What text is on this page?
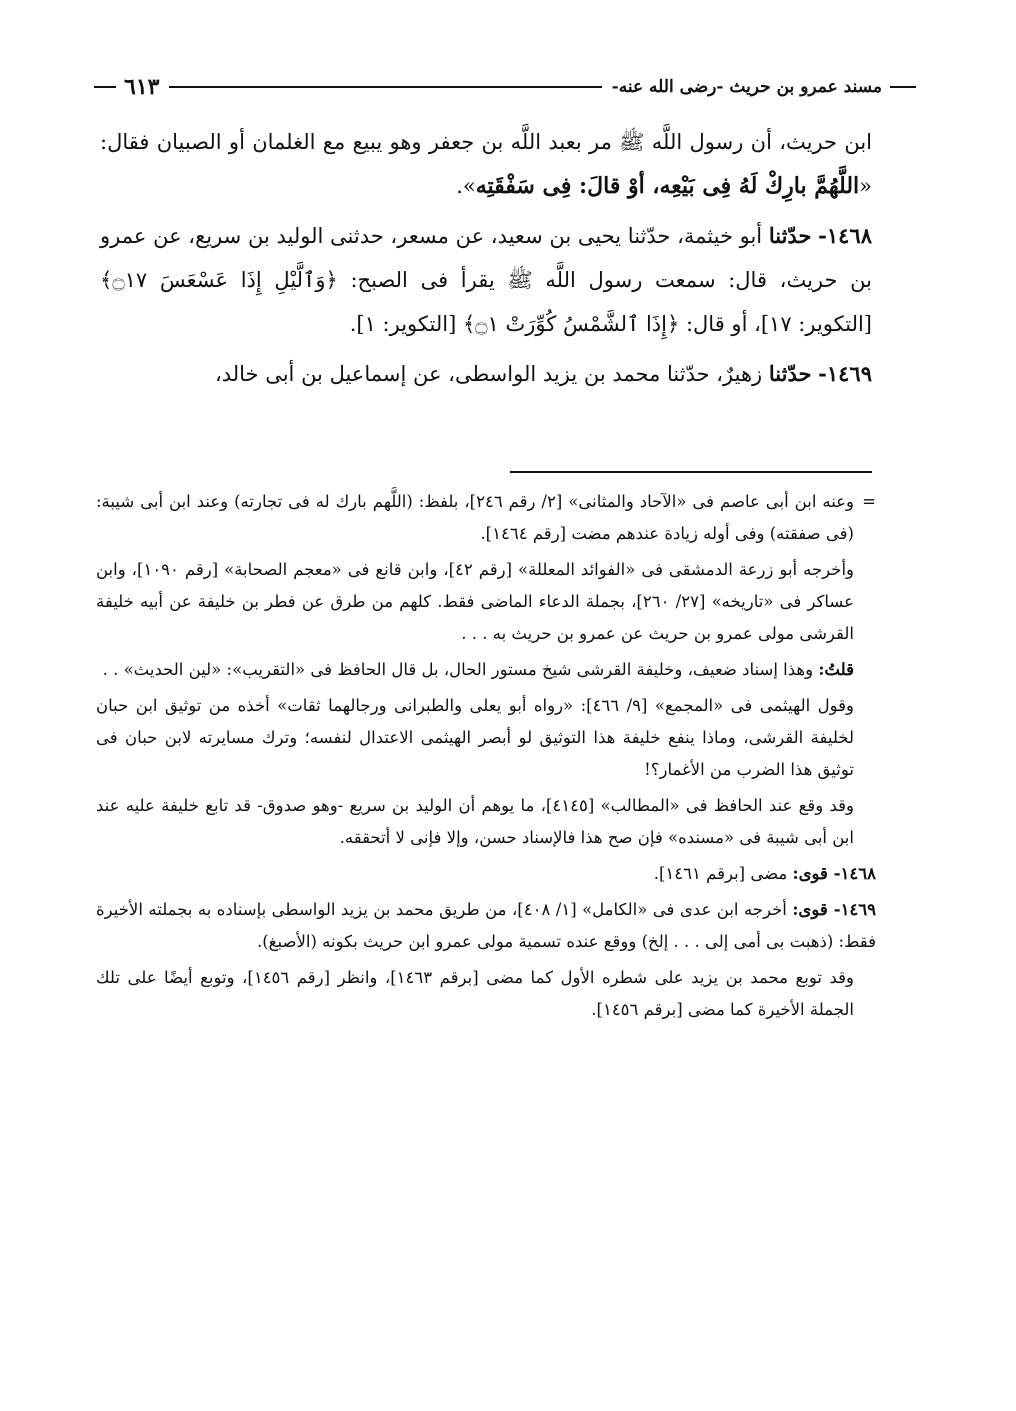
مسند عمرو بن حريث -رضى الله عنه-
٦١٣

ابن حريث، أن رسول اللَّه ﷺ مر بعبد اللَّه بن جعفر وهو يبيع مع الغلمان أو الصبيان فقال: «اللَّهُمَّ بارِكْ لَهُ فِى بَيْعِه، أوْ قالَ: فِى سَفْقَتِه».

١٤٦٨- حدّثنا أبو خيثمة، حدّثنا يحيى بن سعيد، عن مسعر، حدثنى الوليد بن سريع، عن عمرو بن حريث، قال: سمعت رسول اللَّه ﷺ يقرأ فى الصبح: ﴿وَٱلَّيْلِ إِذَا عَسْعَسَ ۝١٧﴾ [التكوير: ١٧]، أو قال: ﴿إِذَا ٱلشَّمْسُ كُوِّرَتْ ۝١﴾ [التكوير: ١].

١٤٦٩- حدّثنا زهيرٌ، حدّثنا محمد بن يزيد الواسطى، عن إسماعيل بن أبى خالد،

=وعنه ابن أبى عاصم فى «الآحاد والمثانى» [٢/ رقم ٢٤٦]، بلفظ: (اللَّهم بارك له فى تجارته) وعند ابن أبى شيبة: (فى صفقته) وفى أوله زيادة عندهم مضت [رقم ١٤٦٤].

وأخرجه أبو زرعة الدمشقى فى «الفوائد المعللة» [رقم ٤٢]، وابن قانع فى «معجم الصحابة» [رقم ١٠٩٠]، وابن عساكر فى «تاريخه» [٢٧/ ٢٦٠]، بجملة الدعاء الماضى فقط. كلهم من طرق عن فطر بن خليفة عن أبيه خليفة القرشى مولى عمرو بن حريث عن عمرو بن حريث به . . .

قلتُ: وهذا إسناد ضعيف، وخليفة القرشى شيخ مستور الحال، بل قال الحافظ فى «التقريب»: «لين الحديث» . .

وقول الهيثمى فى «المجمع» [٩/ ٤٦٦]: «رواه أبو يعلى والطبرانى ورجالهما ثقات» أخذه من توثيق ابن حبان لخليفة القرشى، وماذا ينفع خليفة هذا التوثيق لو أبصر الهيثمى الاعتدال لنفسه؛ وترك مسايرته لابن حبان فى توثيق هذا الضرب من الأغمار؟!

وقد وقع عند الحافظ فى «المطالب» [٤١٤٥]، ما يوهم أن الوليد بن سريع -وهو صدوق- قد تابع خليفة عليه عند ابن أبى شيبة فى «مسنده» فإن صح هذا فالإسناد حسن، وإلا فإنى لا أتحققه.

١٤٦٨- قوى: مضى [برقم ١٤٦١].

١٤٦٩- قوى: أخرجه ابن عدى فى «الكامل» [١/ ٤٠٨]، من طريق محمد بن يزيد الواسطى بإسناده به بجملته الأخيرة فقط: (ذهبت بى أمى إلى . . . إلخ) ووقع عنده تسمية مولى عمرو ابن حريث بكونه (الأصبغ).

وقد توبع محمد بن يزيد على شطره الأول كما مضى [برقم ١٤٦٣]، وانظر [رقم ١٤٥٦]، وتوبع أيضًا على تلك الجملة الأخيرة كما مضى [برقم ١٤٥٦].
